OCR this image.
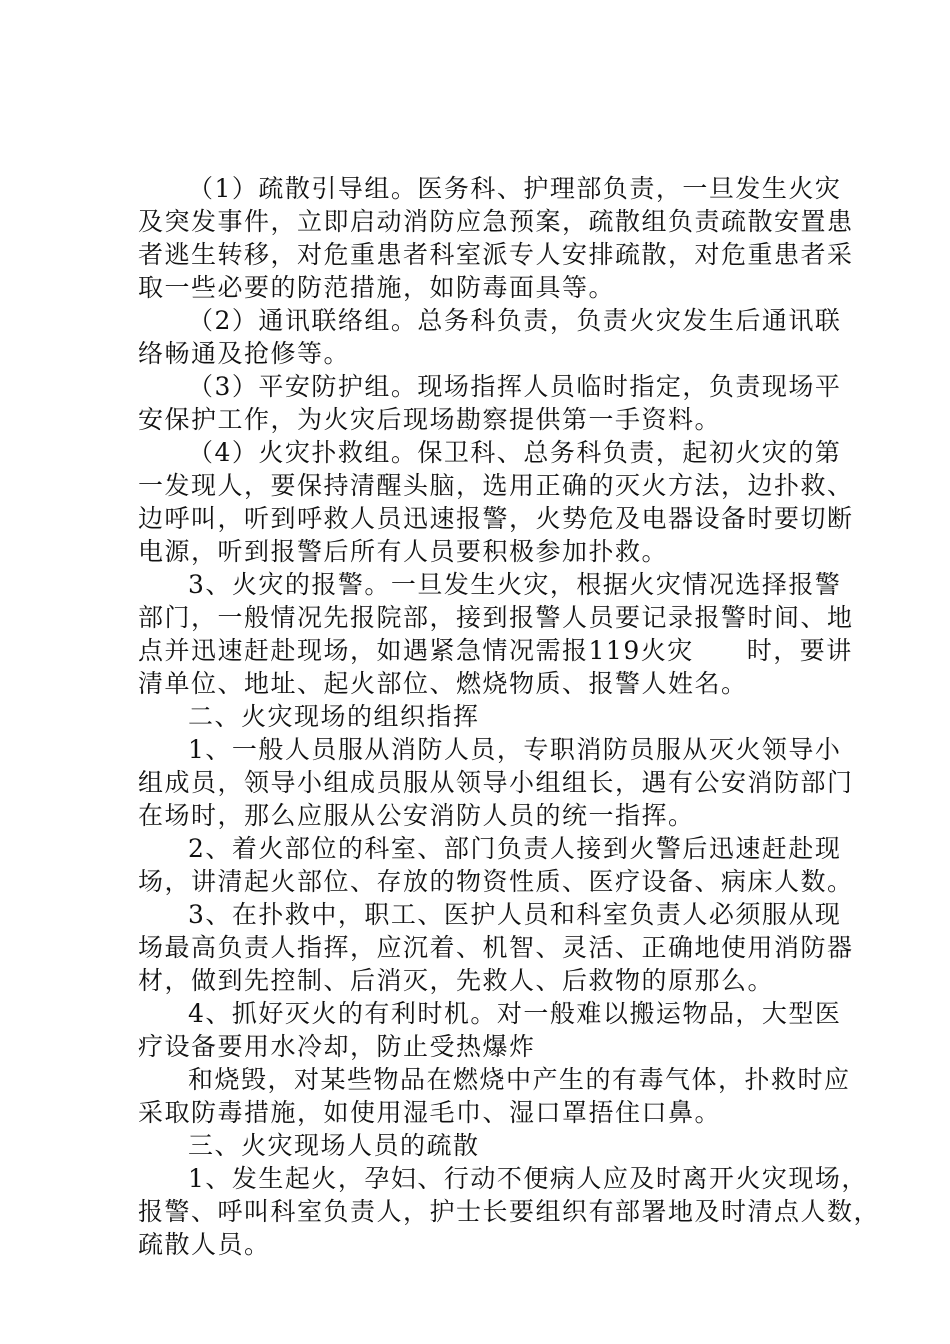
（1）疏散引导组。医务科、护理部负责，一旦发生火灾
及突发事件，立即启动消防应急预案，疏散组负责疏散安置患
者逃生转移，对危重患者科室派专人安排疏散，对危重患者采
取一些必要的防范措施，如防毒面具等。
（2）通讯联络组。总务科负责，负责火灾发生后通讯联
络畅通及抢修等。
（3）平安防护组。现场指挥人员临时指定，负责现场平
安保护工作，为火灾后现场勘察提供第一手资料。
（4）火灾扑救组。保卫科、总务科负责，起初火灾的第
一发现人，要保持清醒头脑，选用正确的灭火方法，边扑救、
边呼叫，听到呼救人员迅速报警，火势危及电器设备时要切断
电源，听到报警后所有人员要积极参加扑救。
3、火灾的报警。一旦发生火灾，根据火灾情况选择报警
部门，一般情况先报院部，接到报警人员要记录报警时间、地
点并迅速赶赴现场，如遇紧急情况需报119火灾　　时，要讲
清单位、地址、起火部位、燃烧物质、报警人姓名。
二、火灾现场的组织指挥
1、一般人员服从消防人员，专职消防员服从灭火领导小
组成员，领导小组成员服从领导小组组长，遇有公安消防部门
在场时，那么应服从公安消防人员的统一指挥。
2、着火部位的科室、部门负责人接到火警后迅速赶赴现
场，讲清起火部位、存放的物资性质、医疗设备、病床人数。
3、在扑救中，职工、医护人员和科室负责人必须服从现
场最高负责人指挥，应沉着、机智、灵活、正确地使用消防器
材，做到先控制、后消灭，先救人、后救物的原那么。
4、抓好灭火的有利时机。对一般难以搬运物品，大型医
疗设备要用水冷却，防止受热爆炸
和烧毁，对某些物品在燃烧中产生的有毒气体，扑救时应
采取防毒措施，如使用湿毛巾、湿口罩捂住口鼻。
三、火灾现场人员的疏散
1、发生起火，孕妇、行动不便病人应及时离开火灾现场，
报警、呼叫科室负责人，护士长要组织有部署地及时清点人数，
疏散人员。
